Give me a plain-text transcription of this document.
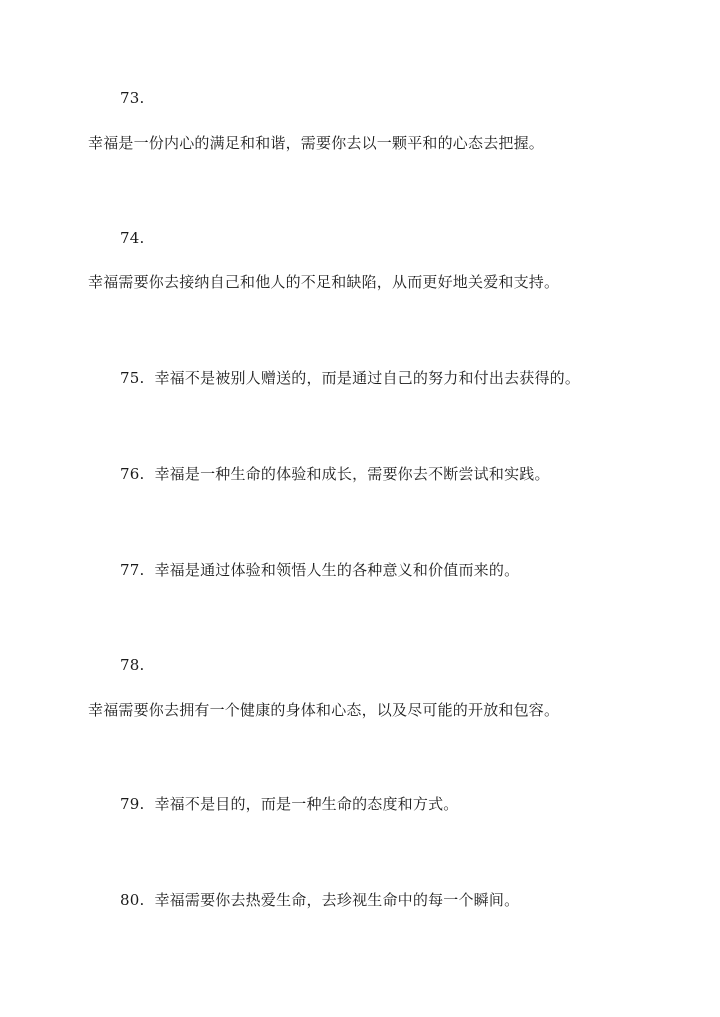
73.
幸福是一份内心的满足和和谐，需要你去以一颗平和的心态去把握。
74.
幸福需要你去接纳自己和他人的不足和缺陷，从而更好地关爱和支持。
75. 幸福不是被别人赠送的，而是通过自己的努力和付出去获得的。
76. 幸福是一种生命的体验和成长，需要你去不断尝试和实践。
77. 幸福是通过体验和领悟人生的各种意义和价值而来的。
78.
幸福需要你去拥有一个健康的身体和心态，以及尽可能的开放和包容。
79. 幸福不是目的，而是一种生命的态度和方式。
80. 幸福需要你去热爱生命，去珍视生命中的每一个瞬间。
